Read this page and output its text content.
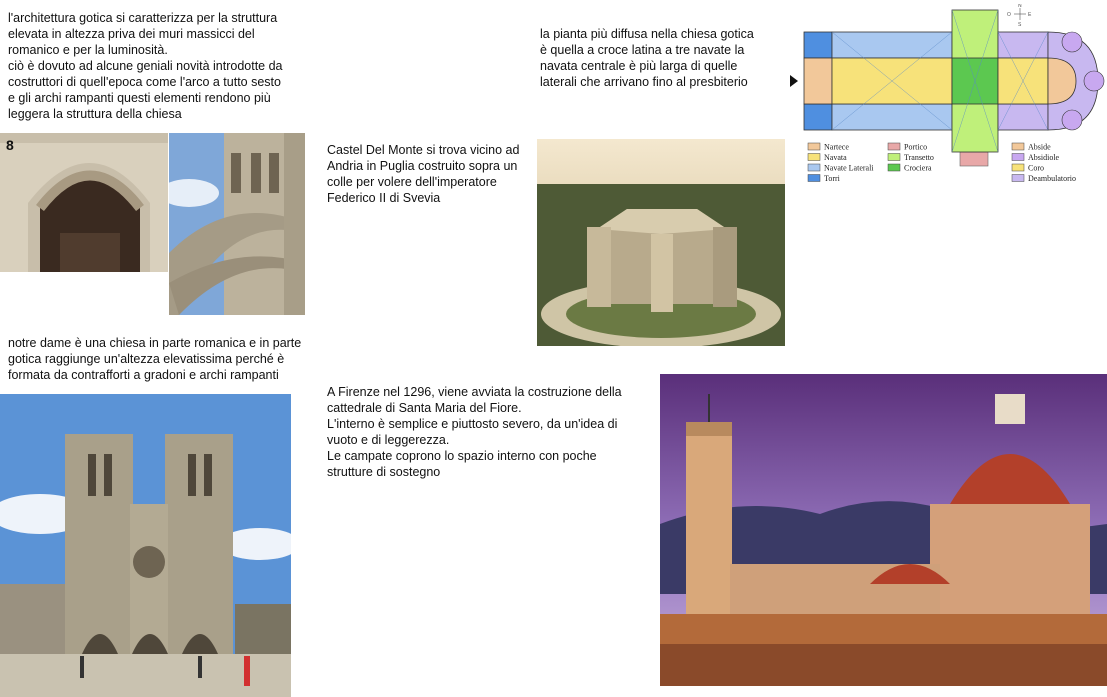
l'architettura gotica si caratterizza per la struttura
elevata in altezza priva dei muri massicci del
romanico e per la luminosità.
ciò è dovuto ad alcune geniali novità introdotte da
costruttori di quell'epoca come l'arco a tutto sesto
e gli archi rampanti questi elementi rendono più
leggera la struttura della chiesa

la pianta più diffusa nella chiesa gotica
è quella a croce latina a tre navate la
navata centrale è più larga di quelle
laterali che arrivano fino al presbiterio

Castel Del Monte si trova vicino ad
Andria in Puglia costruito sopra un
colle per volere dell'imperatore
Federico II di Svevia

notre dame è una chiesa in parte romanica e in parte
gotica raggiunge un'altezza elevatissima perché è
formata da contrafforti a gradoni e archi rampanti

A Firenze nel 1296, viene avviata la costruzione della
cattedrale di Santa Maria del Fiore.
L'interno è semplice e piuttosto severo, da un'idea di
vuoto e di leggerezza.
Le campate coprono lo spazio interno con poche
strutture di sostegno

8
N
E
S
O
Nartece
Navata
Navate Laterali
Torri
Portico
Transetto
Crociera
Abside
Absidiole
Coro
Deambulatorio
